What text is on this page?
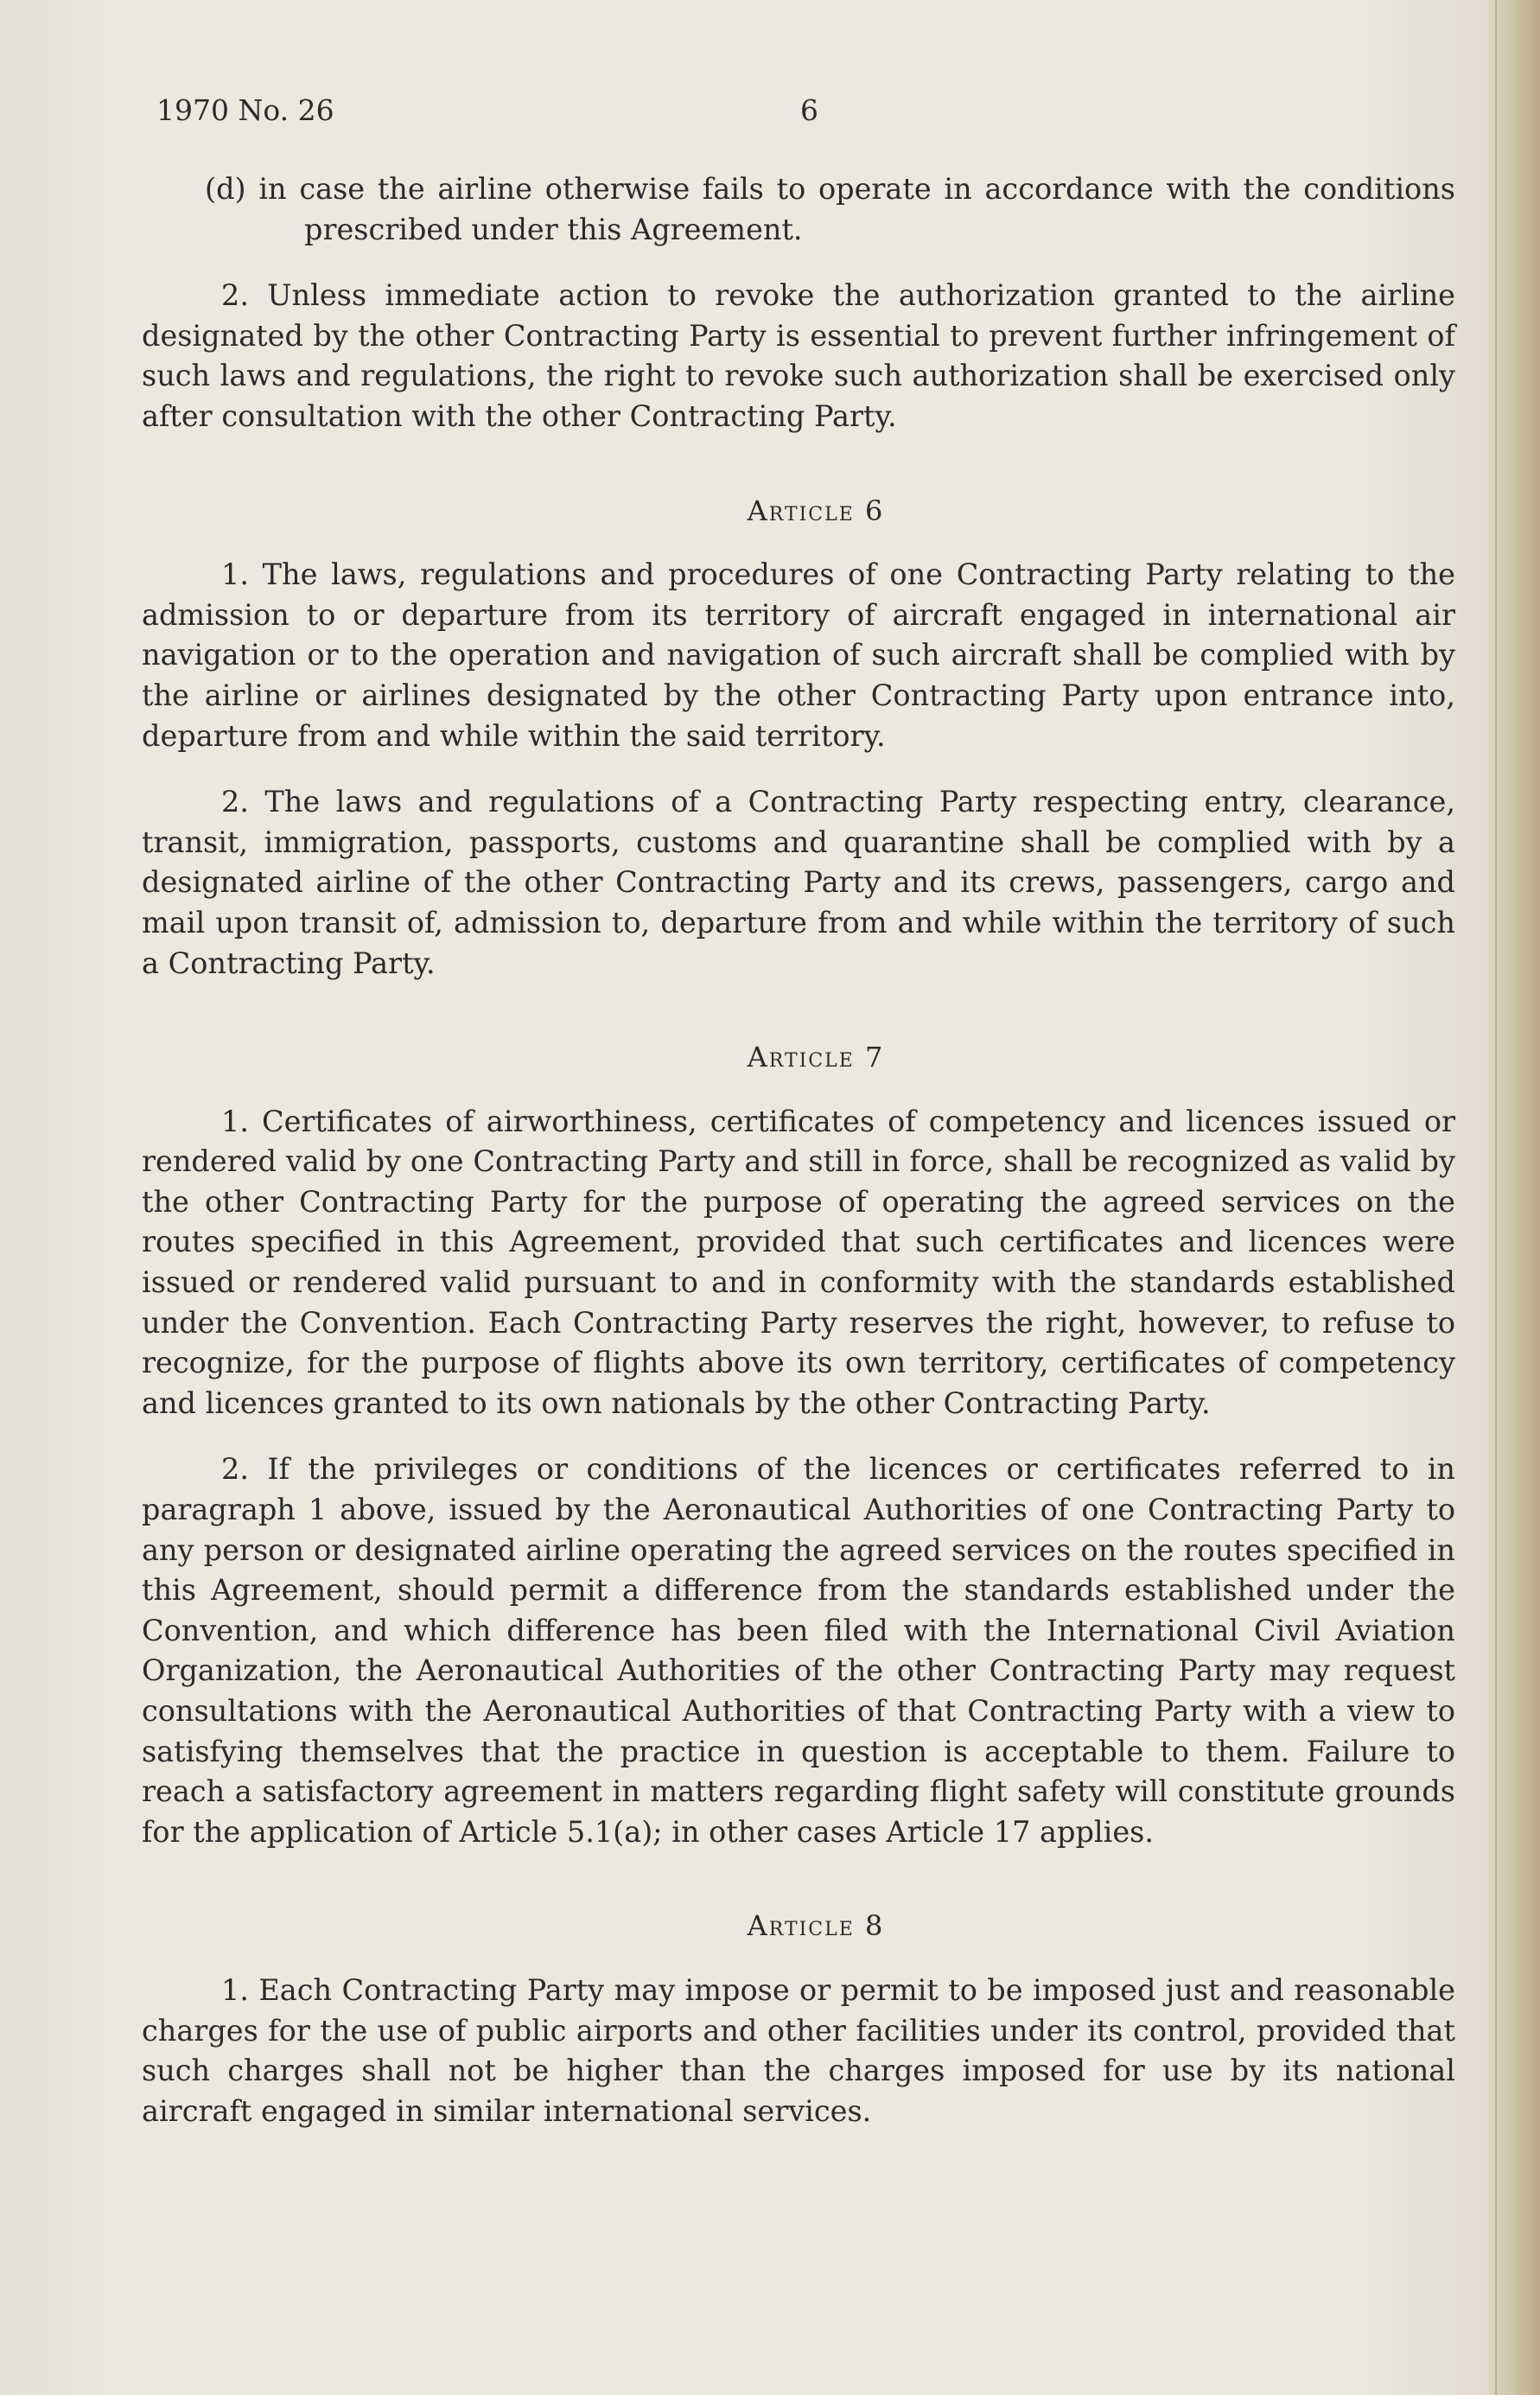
1970 No. 26	6

(d) in case the airline otherwise fails to operate in accordance with the conditions prescribed under this Agreement.

2. Unless immediate action to revoke the authorization granted to the airline designated by the other Contracting Party is essential to prevent further infringement of such laws and regulations, the right to revoke such authorization shall be exercised only after consultation with the other Contracting Party.

Article 6

1. The laws, regulations and procedures of one Contracting Party relating to the admission to or departure from its territory of aircraft engaged in international air navigation or to the operation and navigation of such aircraft shall be complied with by the airline or airlines designated by the other Contracting Party upon entrance into, departure from and while within the said territory.

2. The laws and regulations of a Contracting Party respecting entry, clearance, transit, immigration, passports, customs and quarantine shall be complied with by a designated airline of the other Contracting Party and its crews, passengers, cargo and mail upon transit of, admission to, departure from and while within the territory of such a Contracting Party.

Article 7

1. Certificates of airworthiness, certificates of competency and licences issued or rendered valid by one Contracting Party and still in force, shall be recognized as valid by the other Contracting Party for the purpose of operating the agreed services on the routes specified in this Agreement, provided that such certificates and licences were issued or rendered valid pursuant to and in conformity with the standards established under the Convention. Each Contracting Party reserves the right, however, to refuse to recognize, for the purpose of flights above its own territory, certificates of competency and licences granted to its own nationals by the other Contracting Party.

2. If the privileges or conditions of the licences or certificates referred to in paragraph 1 above, issued by the Aeronautical Authorities of one Contracting Party to any person or designated airline operating the agreed services on the routes specified in this Agreement, should permit a difference from the standards established under the Convention, and which difference has been filed with the International Civil Aviation Organization, the Aeronautical Authorities of the other Contracting Party may request consultations with the Aeronautical Authorities of that Contracting Party with a view to satisfying themselves that the practice in question is acceptable to them. Failure to reach a satisfactory agreement in matters regarding flight safety will constitute grounds for the application of Article 5.1(a); in other cases Article 17 applies.

Article 8

1. Each Contracting Party may impose or permit to be imposed just and reasonable charges for the use of public airports and other facilities under its control, provided that such charges shall not be higher than the charges imposed for use by its national aircraft engaged in similar international services.
